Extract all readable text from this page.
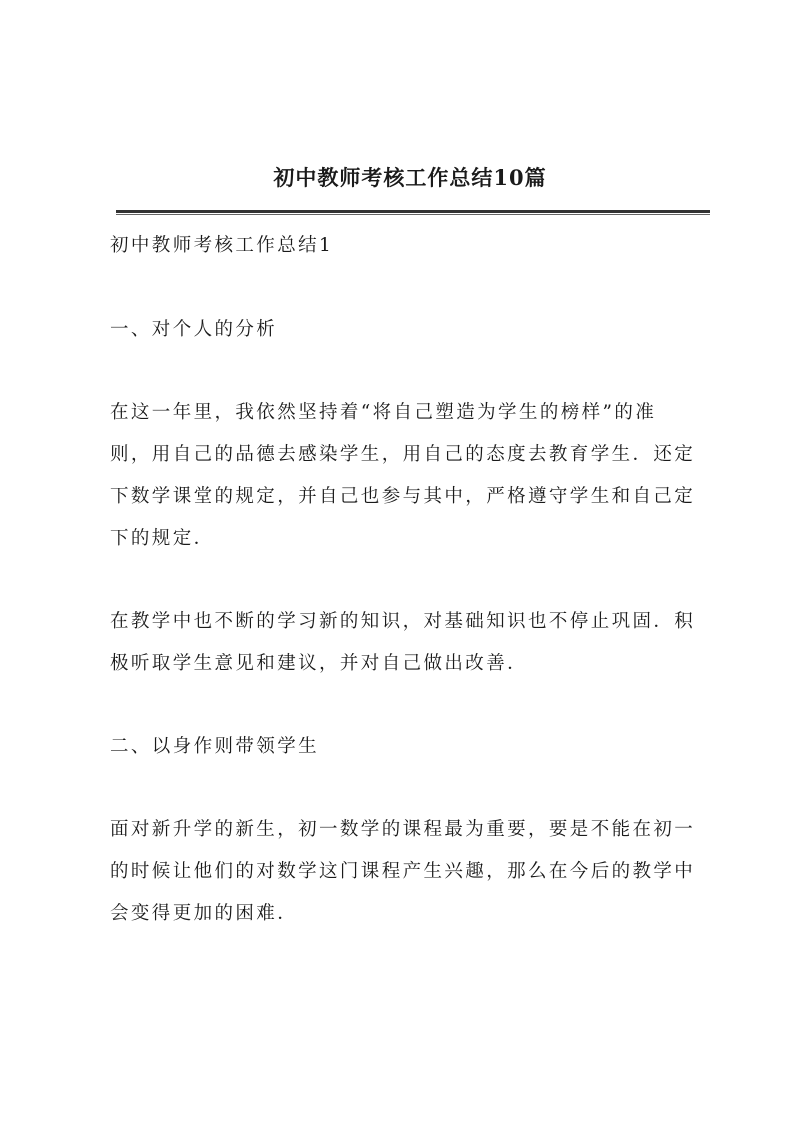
初中教师考核工作总结10篇
初中教师考核工作总结1
一、对个人的分析
在这一年里，我依然坚持着“将自己塑造为学生的榜样”的准
则，用自己的品德去感染学生，用自己的态度去教育学生．还定
下数学课堂的规定，并自己也参与其中，严格遵守学生和自己定
下的规定．
在教学中也不断的学习新的知识，对基础知识也不停止巩固．积
极听取学生意见和建议，并对自己做出改善．
二、以身作则带领学生
面对新升学的新生，初一数学的课程最为重要，要是不能在初一
的时候让他们的对数学这门课程产生兴趣，那么在今后的教学中
会变得更加的困难．
